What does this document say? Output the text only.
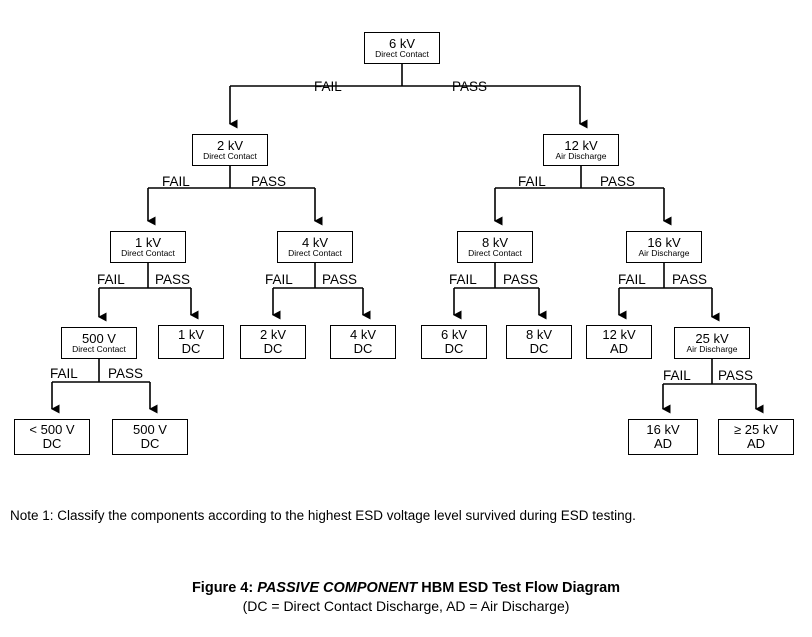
6 kV
Direct Contact
2 kV
Direct Contact
12 kV
Air Discharge
1 kV
Direct Contact
4 kV
Direct Contact
8 kV
Direct Contact
16 kV
Air Discharge
500 V
Direct Contact
25 kV
Air Discharge
1 kV
DC
2 kV
DC
4 kV
DC
6 kV
DC
8 kV
DC
12 kV
AD
< 500 V
DC
500 V
DC
16 kV
AD
≥ 25 kV
AD
FAIL	PASS
FAIL	PASS	FAIL	PASS
FAIL PASS	FAIL PASS	FAIL PASS	FAIL PASS
FAIL PASS	FAIL PASS
Note 1: Classify the components according to the highest ESD voltage level survived during ESD testing.
Figure 4: PASSIVE COMPONENT HBM ESD Test Flow Diagram
(DC = Direct Contact Discharge, AD = Air Discharge)
